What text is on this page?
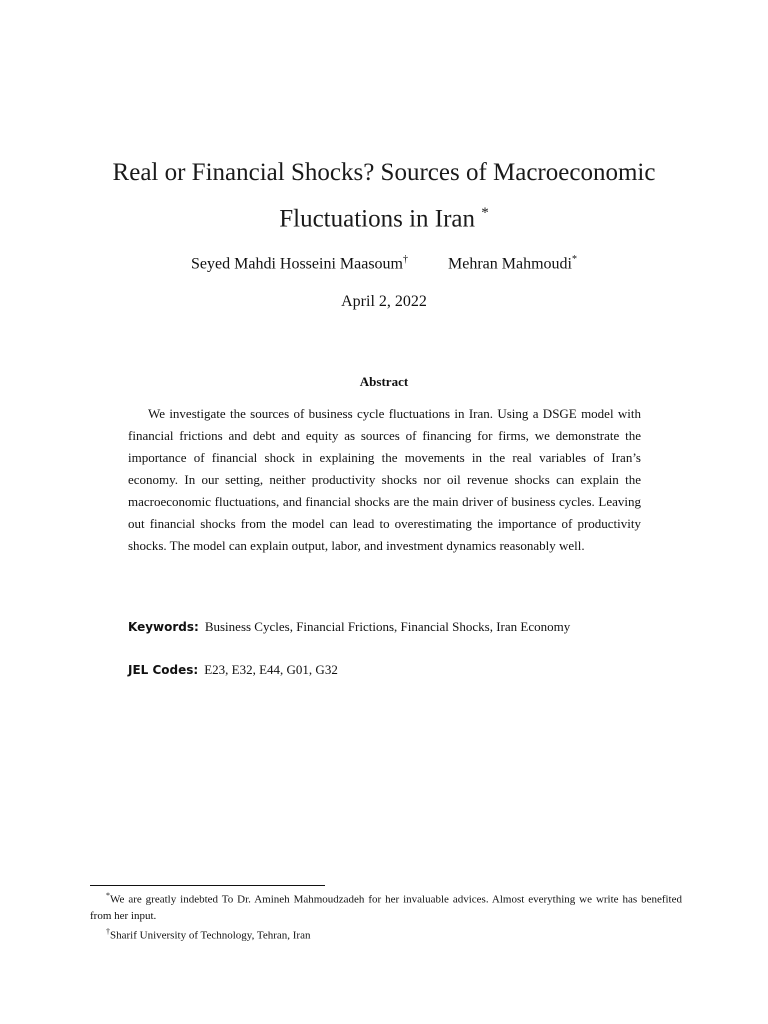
Real or Financial Shocks? Sources of Macroeconomic
Fluctuations in Iran *
Seyed Mahdi Hosseini Maasoum†	Mehran Mahmoudi*
April 2, 2022
Abstract
We investigate the sources of business cycle fluctuations in Iran. Using a DSGE model with financial frictions and debt and equity as sources of financing for firms, we demonstrate the importance of financial shock in explaining the movements in the real variables of Iran’s economy. In our setting, neither productivity shocks nor oil revenue shocks can explain the macroeconomic fluctuations, and financial shocks are the main driver of business cycles. Leaving out financial shocks from the model can lead to overestimating the importance of productivity shocks. The model can explain output, labor, and investment dynamics reasonably well.
Keywords: Business Cycles, Financial Frictions, Financial Shocks, Iran Economy
JEL Codes: E23, E32, E44, G01, G32

*We are greatly indebted To Dr. Amineh Mahmoudzadeh for her invaluable advices. Almost everything we write has benefited from her input.

†Sharif University of Technology, Tehran, Iran
